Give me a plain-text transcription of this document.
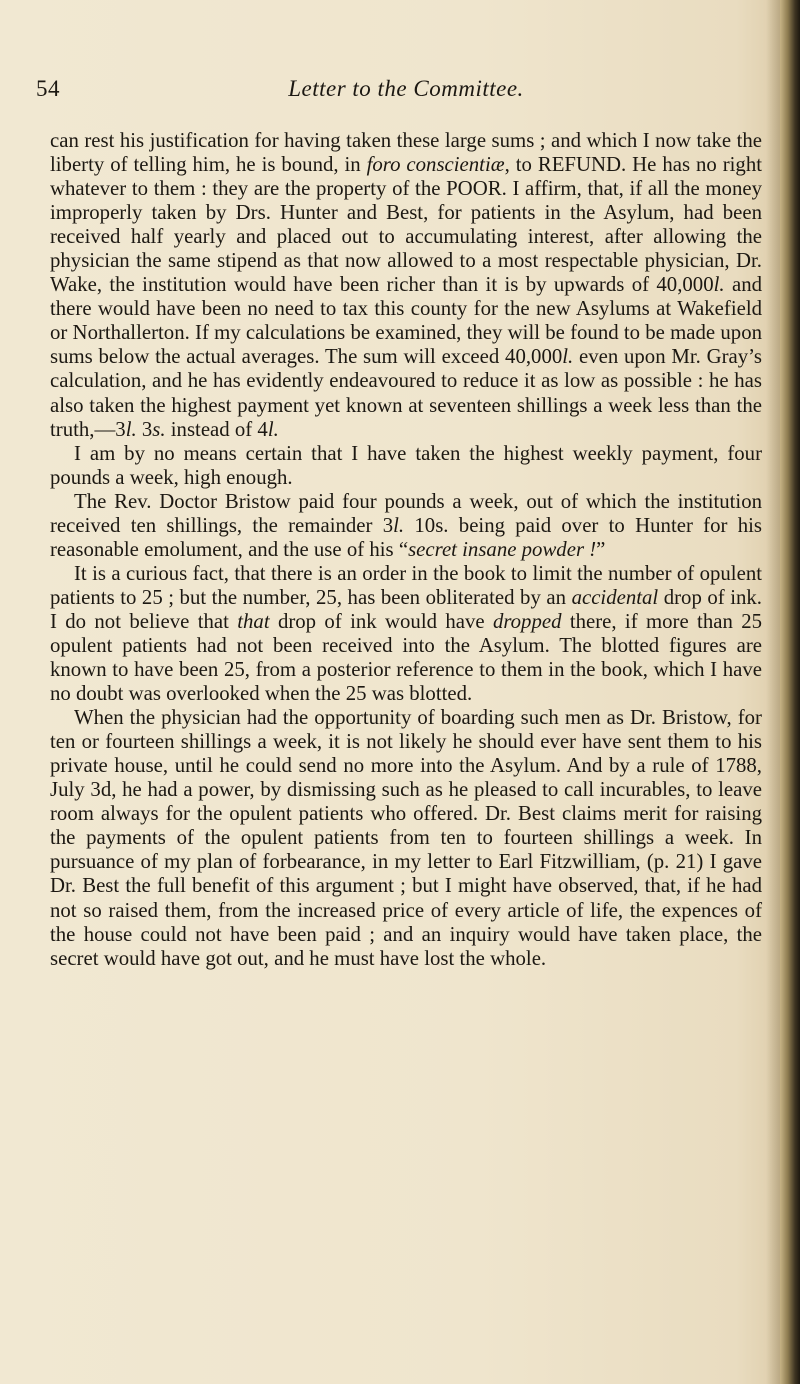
54	Letter to the Committee.

can rest his justification for having taken these large sums ; and which I now take the liberty of telling him, he is bound, in foro conscientiæ, to REFUND. He has no right whatever to them : they are the property of the POOR. I affirm, that, if all the money improperly taken by Drs. Hunter and Best, for patients in the Asylum, had been received half yearly and placed out to accumulating interest, after allowing the physician the same stipend as that now allowed to a most respectable physician, Dr. Wake, the institution would have been richer than it is by upwards of 40,000l. and there would have been no need to tax this county for the new Asylums at Wakefield or Northallerton. If my calculations be examined, they will be found to be made upon sums below the actual averages. The sum will exceed 40,000l. even upon Mr. Gray’s calculation, and he has evidently endeavoured to reduce it as low as possible : he has also taken the highest payment yet known at seventeen shillings a week less than the truth,—3l. 3s. instead of 4l.

I am by no means certain that I have taken the highest weekly payment, four pounds a week, high enough.

The Rev. Doctor Bristow paid four pounds a week, out of which the institution received ten shillings, the remainder 3l. 10s. being paid over to Hunter for his reasonable emolument, and the use of his “secret insane powder !”

It is a curious fact, that there is an order in the book to limit the number of opulent patients to 25 ; but the number, 25, has been obliterated by an accidental drop of ink. I do not believe that that drop of ink would have dropped there, if more than 25 opulent patients had not been received into the Asylum. The blotted figures are known to have been 25, from a posterior reference to them in the book, which I have no doubt was overlooked when the 25 was blotted.

When the physician had the opportunity of boarding such men as Dr. Bristow, for ten or fourteen shillings a week, it is not likely he should ever have sent them to his private house, until he could send no more into the Asylum. And by a rule of 1788, July 3d, he had a power, by dismissing such as he pleased to call incurables, to leave room always for the opulent patients who offered. Dr. Best claims merit for raising the payments of the opulent patients from ten to fourteen shillings a week. In pursuance of my plan of forbearance, in my letter to Earl Fitzwilliam, (p. 21) I gave Dr. Best the full benefit of this argument ; but I might have observed, that, if he had not so raised them, from the increased price of every article of life, the expences of the house could not have been paid ; and an inquiry would have taken place, the secret would have got out, and he must have lost the whole.
